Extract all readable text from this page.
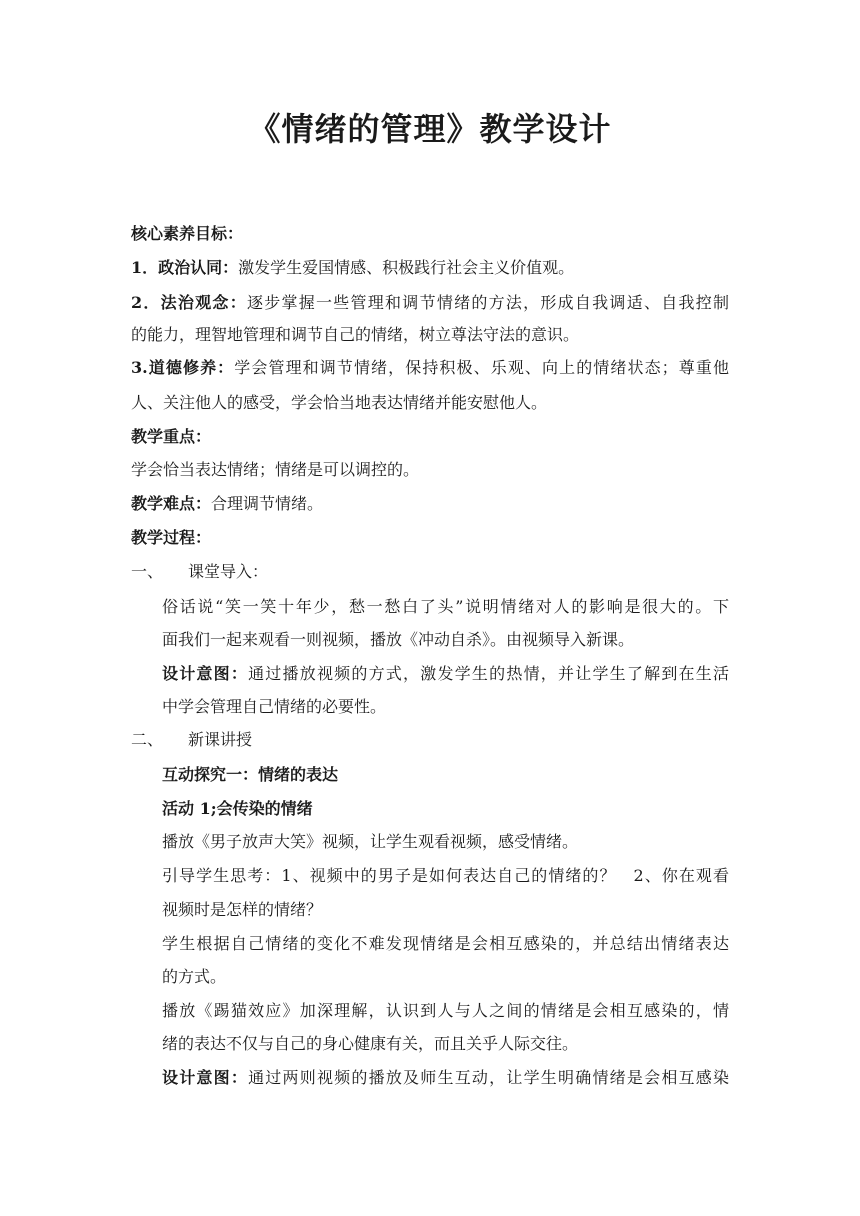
《情绪的管理》教学设计
核心素养目标：
1．政治认同：激发学生爱国情感、积极践行社会主义价值观。
2．法治观念：逐步掌握一些管理和调节情绪的方法，形成自我调适、自我控制
的能力，理智地管理和调节自己的情绪，树立尊法守法的意识。
3.道德修养：学会管理和调节情绪，保持积极、乐观、向上的情绪状态；尊重他
人、关注他人的感受，学会恰当地表达情绪并能安慰他人。
教学重点：
学会恰当表达情绪；情绪是可以调控的。
教学难点：合理调节情绪。
教学过程：
一、 课堂导入：
俗话说“笑一笑十年少，愁一愁白了头”说明情绪对人的影响是很大的。下
面我们一起来观看一则视频，播放《冲动自杀》。由视频导入新课。
设计意图：通过播放视频的方式，激发学生的热情，并让学生了解到在生活
中学会管理自己情绪的必要性。
二、 新课讲授
互动探究一：情绪的表达
活动 1;会传染的情绪
播放《男子放声大笑》视频，让学生观看视频，感受情绪。
引导学生思考：1、视频中的男子是如何表达自己的情绪的？　2、你在观看
视频时是怎样的情绪？
学生根据自己情绪的变化不难发现情绪是会相互感染的，并总结出情绪表达
的方式。
播放《踢猫效应》加深理解，认识到人与人之间的情绪是会相互感染的，情
绪的表达不仅与自己的身心健康有关，而且关乎人际交往。
设计意图：通过两则视频的播放及师生互动，让学生明确情绪是会相互感染
